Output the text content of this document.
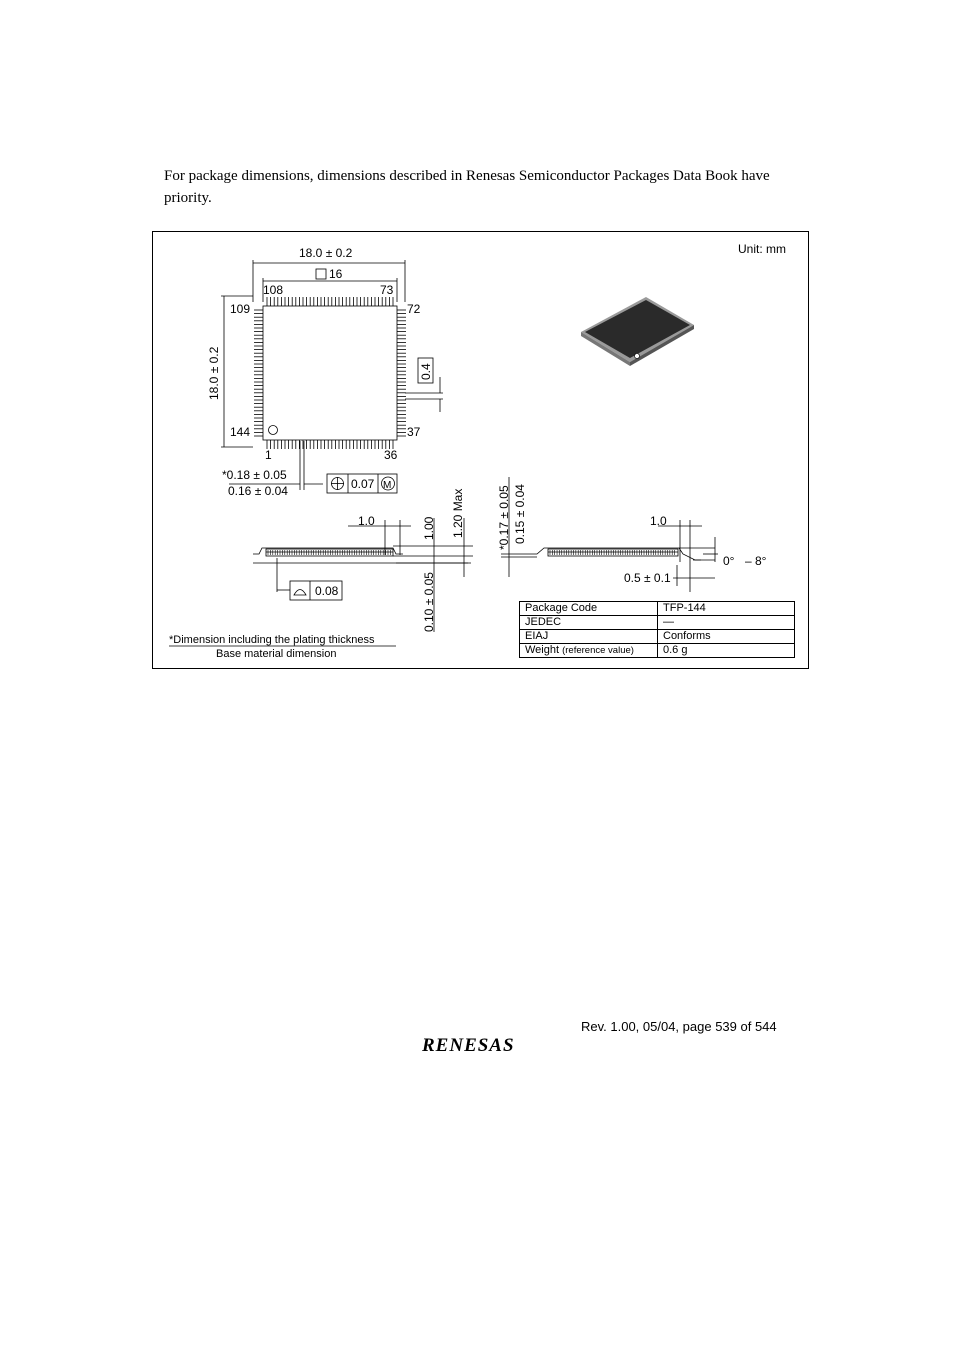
For package dimensions, dimensions described in Renesas Semiconductor Packages Data Book have priority.
Unit: mm
18.0 ± 0.2
16
108	73
109	72
144	37
1	36
18.0 ± 0.2	0.4
*0.18 ± 0.05
0.16 ± 0.04	0.07 M
1.0	1.00 1.20 Max
0.10 ± 0.05
0.08
*0.17 ± 0.05 0.15 ± 0.04	1.0
0° – 8°
0.5 ± 0.1
*Dimension including the plating thickness
Base material dimension
Package Code	TFP-144
JEDEC	—
EIAJ	Conforms
Weight (reference value)	0.6 g
Rev. 1.00, 05/04, page 539 of 544
RENESAS
